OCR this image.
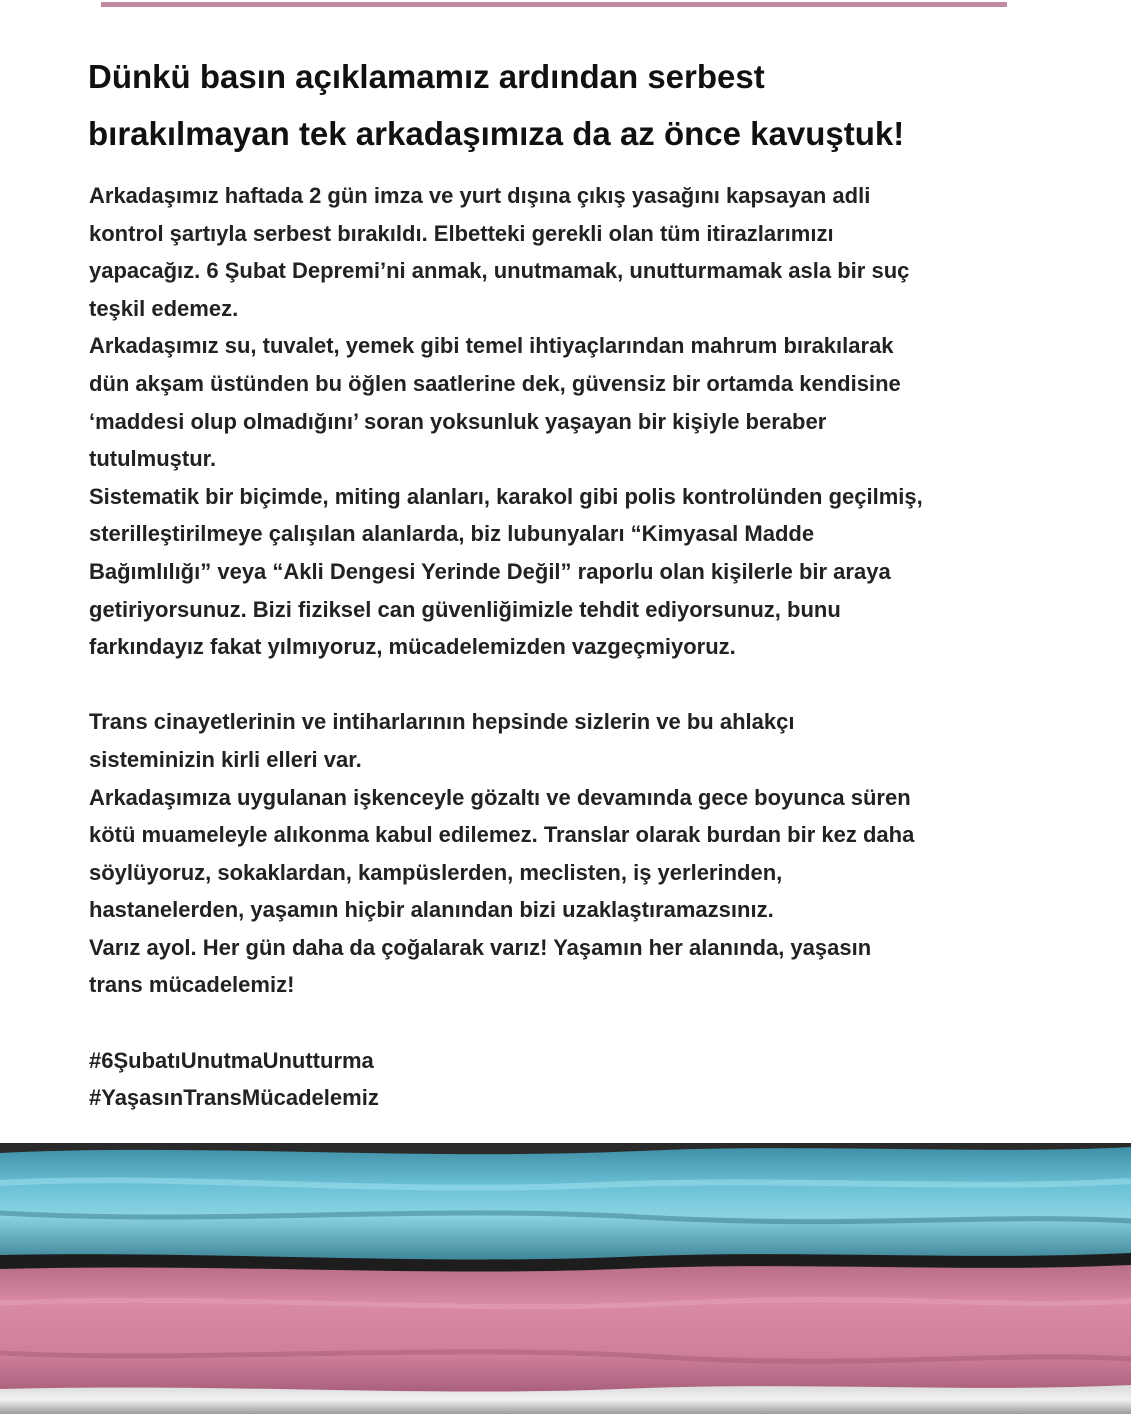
Dünkü basın açıklamamız ardından serbest
bırakılmayan tek arkadaşımıza da az önce kavuştuk!
Arkadaşımız haftada 2 gün imza ve yurt dışına çıkış yasağını kapsayan adli
kontrol şartıyla serbest bırakıldı. Elbetteki gerekli olan tüm itirazlarımızı
yapacağız. 6 Şubat Depremi’ni anmak, unutmamak, unutturmamak asla bir suç
teşkil edemez.
Arkadaşımız su, tuvalet, yemek gibi temel ihtiyaçlarından mahrum bırakılarak
dün akşam üstünden bu öğlen saatlerine dek, güvensiz bir ortamda kendisine
‘maddesi olup olmadığını’ soran yoksunluk yaşayan bir kişiyle beraber
tutulmuştur.
Sistematik bir biçimde, miting alanları, karakol gibi polis kontrolünden geçilmiş,
sterilleştirilmeye çalışılan alanlarda, biz lubunyaları “Kimyasal Madde
Bağımlılığı” veya “Akli Dengesi Yerinde Değil” raporlu olan kişilerle bir araya
getiriyorsunuz. Bizi fiziksel can güvenliğimizle tehdit ediyorsunuz, bunu
farkındayız fakat yılmıyoruz, mücadelemizden vazgeçmiyoruz.
Trans cinayetlerinin ve intiharlarının hepsinde sizlerin ve bu ahlakçı
sisteminizin kirli elleri var.
Arkadaşımıza uygulanan işkenceyle gözaltı ve devamında gece boyunca süren
kötü muameleyle alıkonma kabul edilemez. Translar olarak burdan bir kez daha
söylüyoruz, sokaklardan, kampüslerden, meclisten, iş yerlerinden,
hastanelerden, yaşamın hiçbir alanından bizi uzaklaştıramazsınız.
Varız ayol. Her gün daha da çoğalarak varız! Yaşamın her alanında, yaşasın
trans mücadelemiz!
#6ŞubatıUnutmaUnutturma
#YaşasınTransMücadelemiz
